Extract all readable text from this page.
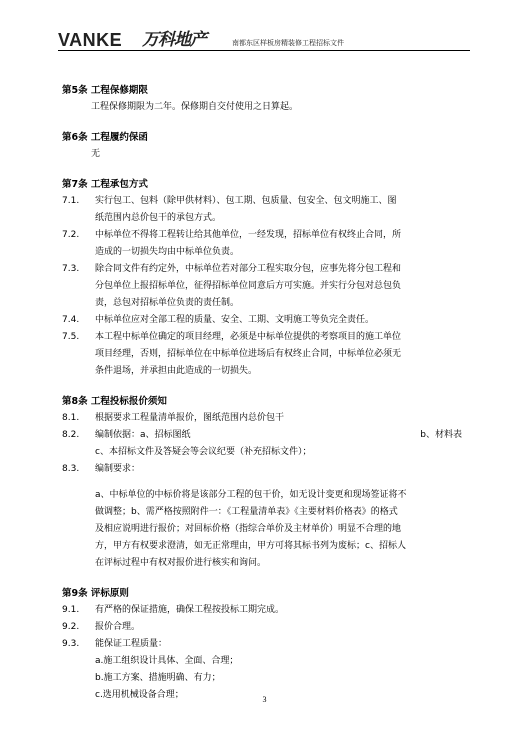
VANKE 万科地产	南都东区样板房精装修工程招标文件

第5条 工程保修期限

工程保修期限为二年。保修期自交付使用之日算起。

第6条 工程履约保函

无

第7条 工程承包方式

7.1.	实行包工、包料（除甲供材料）、包工期、包质量、包安全、包文明施工、图
纸范围内总价包干的承包方式。
7.2.	中标单位不得将工程转让给其他单位，一经发现，招标单位有权终止合同，所
造成的一切损失均由中标单位负责。
7.3.	除合同文件有约定外，中标单位若对部分工程实取分包，应事先将分包工程和
分包单位上报招标单位，征得招标单位同意后方可实施。并实行分包对总包负
责，总包对招标单位负责的责任制。
7.4.	中标单位应对全部工程的质量、安全、工期、文明施工等负完全责任。
7.5.	本工程中标单位确定的项目经理，必须是中标单位提供的考察项目的施工单位
项目经理，否则，招标单位在中标单位进场后有权终止合同，中标单位必须无
条件退场，并承担由此造成的一切损失。

第8条 工程投标报价须知

8.1.	根据要求工程量清单报价，图纸范围内总价包干
8.2.	编制依据：a、招标图纸	b、材料表
c、本招标文件及答疑会等会议纪要（补充招标文件）；
8.3.	编制要求：
a、中标单位的中标价将是该部分工程的包干价，如无设计变更和现场签证将不
做调整；b、需严格按照附件一：《工程量清单表》《主要材料价格表》的格式
及相应说明进行报价；对回标价格（指综合单价及主材单价）明显不合理的地
方，甲方有权要求澄清，如无正常理由，甲方可将其标书列为废标；c、招标人
在评标过程中有权对报价进行核实和询问。

第9条 评标原则

9.1.	有严格的保证措施，确保工程按投标工期完成。
9.2.	报价合理。
9.3.	能保证工程质量：
a.施工组织设计具体、全面、合理；
b.施工方案、措施明确、有力；
c.选用机械设备合理；	3
